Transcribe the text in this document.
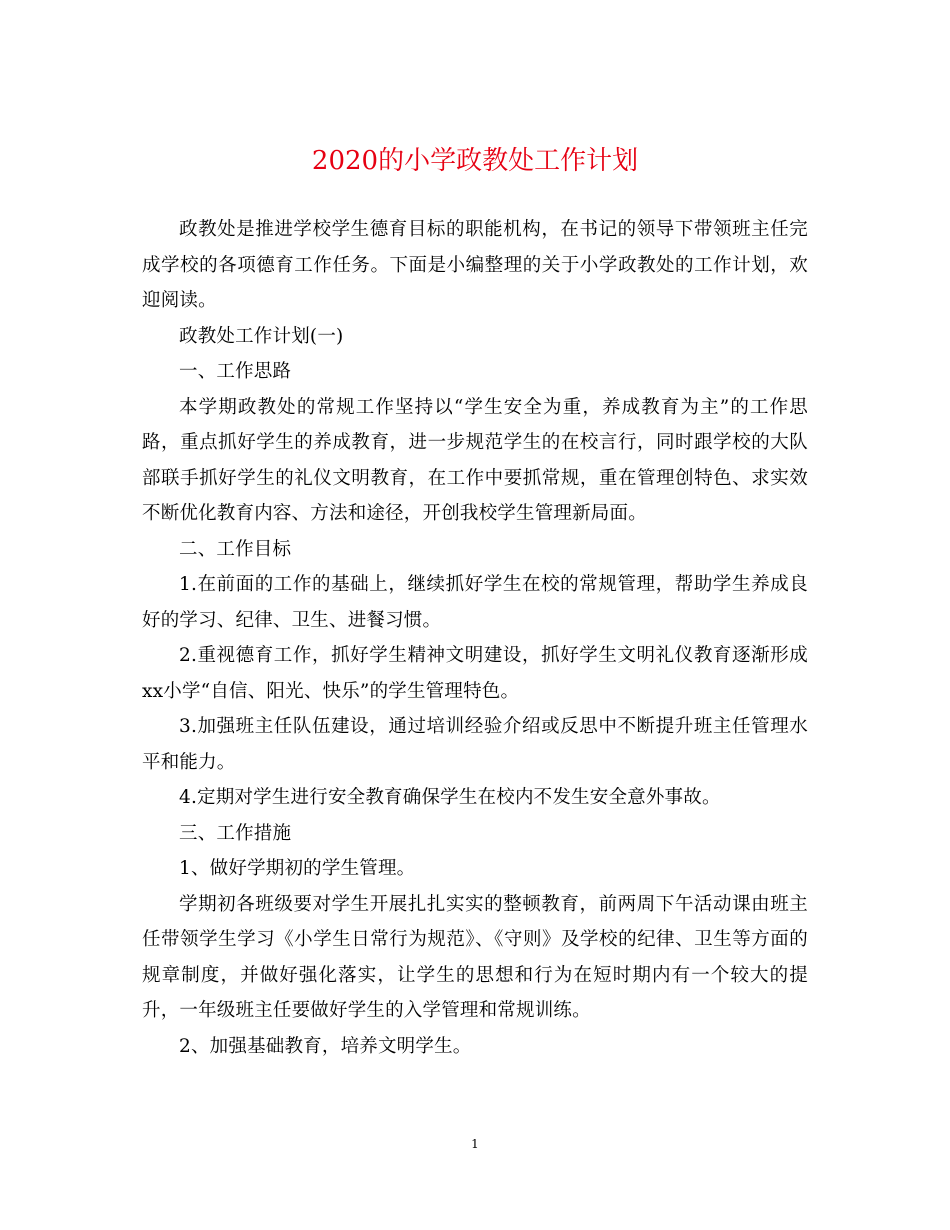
2020的小学政教处工作计划

政教处是推进学校学生德育目标的职能机构，在书记的领导下带领班主任完成学校的各项德育工作任务。下面是小编整理的关于小学政教处的工作计划，欢迎阅读。

政教处工作计划(一)

一、工作思路

本学期政教处的常规工作坚持以“学生安全为重，养成教育为主”的工作思路，重点抓好学生的养成教育，进一步规范学生的在校言行，同时跟学校的大队部联手抓好学生的礼仪文明教育，在工作中要抓常规，重在管理创特色、求实效不断优化教育内容、方法和途径，开创我校学生管理新局面。

二、工作目标

1.在前面的工作的基础上，继续抓好学生在校的常规管理，帮助学生养成良好的学习、纪律、卫生、进餐习惯。

2.重视德育工作，抓好学生精神文明建设，抓好学生文明礼仪教育逐渐形成xx小学“自信、阳光、快乐”的学生管理特色。

3.加强班主任队伍建设，通过培训经验介绍或反思中不断提升班主任管理水平和能力。

4.定期对学生进行安全教育确保学生在校内不发生安全意外事故。

三、工作措施

1、做好学期初的学生管理。

学期初各班级要对学生开展扎扎实实的整顿教育，前两周下午活动课由班主任带领学生学习《小学生日常行为规范》、《守则》及学校的纪律、卫生等方面的规章制度，并做好强化落实，让学生的思想和行为在短时期内有一个较大的提升，一年级班主任要做好学生的入学管理和常规训练。

2、加强基础教育，培养文明学生。

1
